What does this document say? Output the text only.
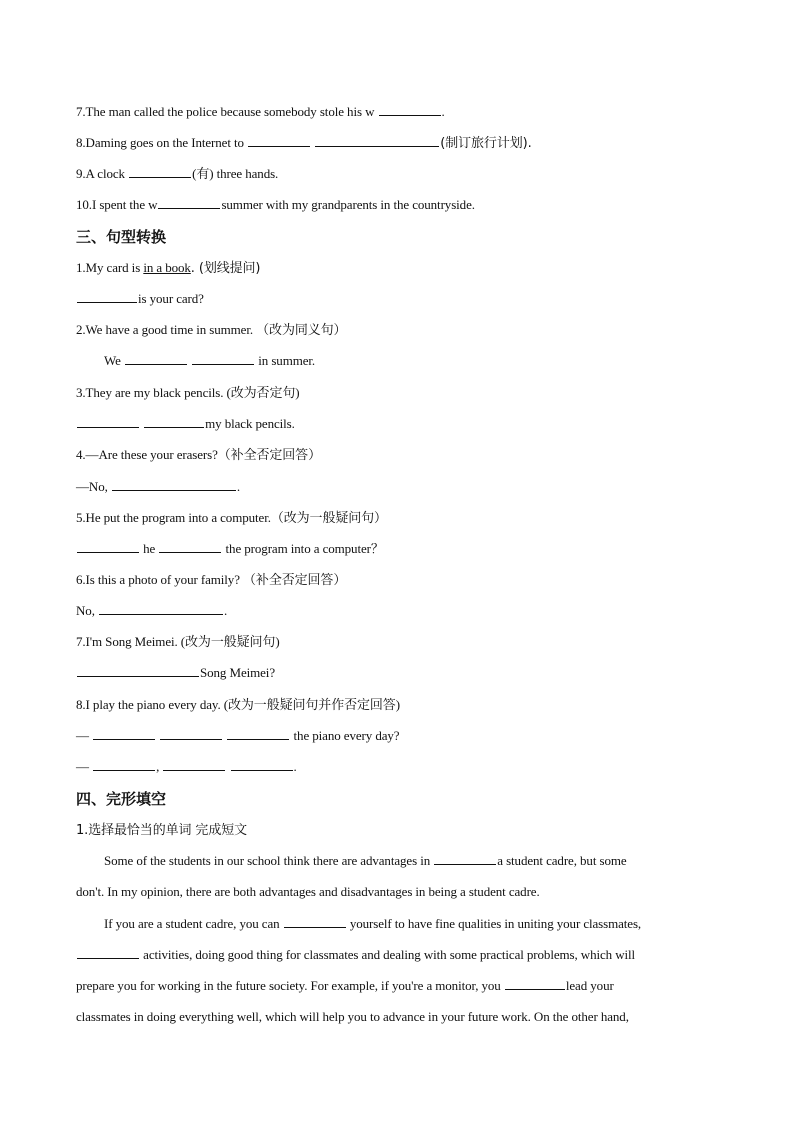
7.The man called the police because somebody stole his w	.
8.Daming goes on the Internet to	(制订旅行计划).
9.A clock	(有) three hands.
10.I spent the w	summer with my grandparents in the countryside.
三、句型转换
1.My card is in a book. (划线提问)
is your card?
2.We have a good time in summer. （改为同义句）
We	in summer.
3.They are my black pencils. (改为否定句)
my black pencils.
4.—Are these your erasers?（补全否定回答）
—No,	.
5.He put the program into a computer.（改为一般疑问句）
he	the program into a computer？
6.Is this a photo of your family? （补全否定回答）
No,	.
7.I'm Song Meimei. (改为一般疑问句)
Song Meimei?
8.I play the piano every day. (改为一般疑问句并作否定回答)
—	the piano every day?
—	,	.
四、完形填空
1.选择最恰当的单词 完成短文
Some of the students in our school think there are advantages in	a student cadre, but some
don't. In my opinion, there are both advantages and disadvantages in being a student cadre.
If you are a student cadre, you can	yourself to have fine qualities in uniting your classmates,
activities, doing good thing for classmates and dealing with some practical problems, which will
prepare you for working in the future society. For example, if you're a monitor, you	lead your
classmates in doing everything well, which will help you to advance in your future work. On the other hand,
